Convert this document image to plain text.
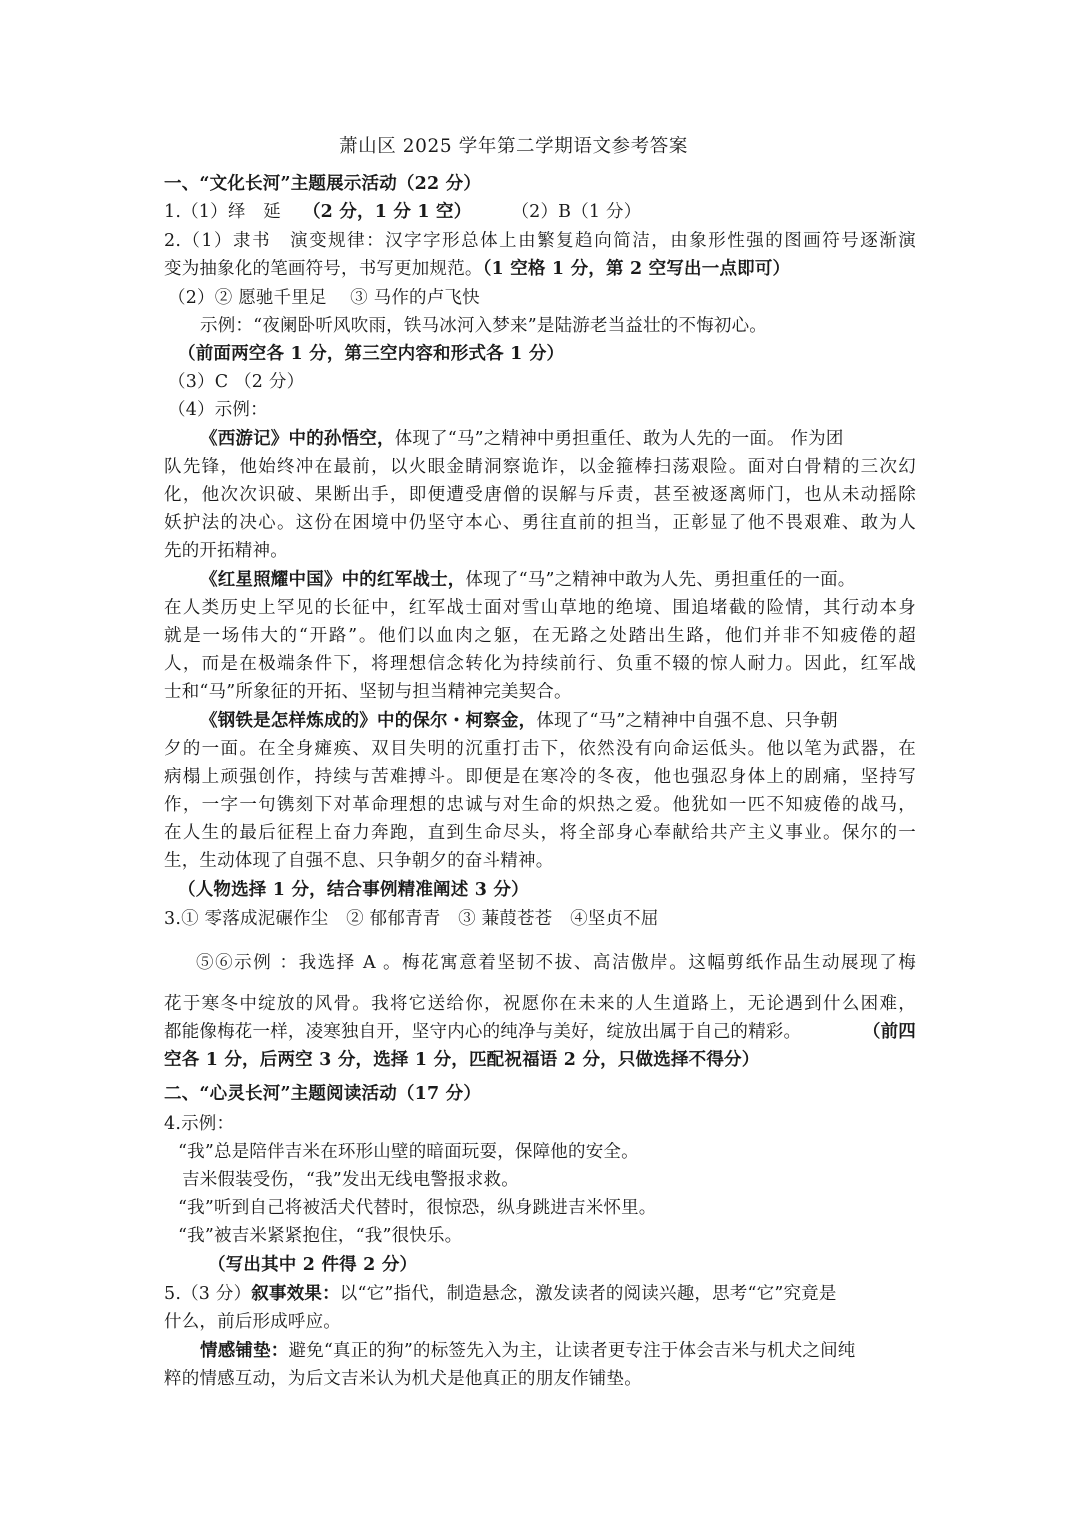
萧山区 2025 学年第二学期语文参考答案
一、“文化长河”主题展示活动（22 分）
1.（1）绎　延 （2 分，1 分 1 空） （2）B（1 分）
2.（1）隶书　演变规律：汉字字形总体上由繁复趋向简洁，由象形性强的图画符号逐渐演
变为抽象化的笔画符号，书写更加规范。（1 空格 1 分，第 2 空写出一点即可）
（2）② 愿驰千里足　 ③ 马作的卢飞快
示例：“夜阑卧听风吹雨，铁马冰河入梦来”是陆游老当益壮的不悔初心。
（前面两空各 1 分，第三空内容和形式各 1 分）
（3）C （2 分）
（4）示例：
《西游记》中的孙悟空，体现了“马”之精神中勇担重任、敢为人先的一面。 作为团
队先锋，他始终冲在最前，以火眼金睛洞察诡诈，以金箍棒扫荡艰险。面对白骨精的三次幻
化，他次次识破、果断出手，即便遭受唐僧的误解与斥责，甚至被逐离师门，也从未动摇除
妖护法的决心。这份在困境中仍坚守本心、勇往直前的担当，正彰显了他不畏艰难、敢为人
先的开拓精神。
《红星照耀中国》中的红军战士，体现了“马”之精神中敢为人先、勇担重任的一面。
在人类历史上罕见的长征中，红军战士面对雪山草地的绝境、围追堵截的险情，其行动本身
就是一场伟大的“开路”。他们以血肉之躯，在无路之处踏出生路，他们并非不知疲倦的超
人，而是在极端条件下，将理想信念转化为持续前行、负重不辍的惊人耐力。因此，红军战
士和“马”所象征的开拓、坚韧与担当精神完美契合。
《钢铁是怎样炼成的》中的保尔・柯察金，体现了“马”之精神中自强不息、只争朝
夕的一面。在全身瘫痪、双目失明的沉重打击下，依然没有向命运低头。他以笔为武器，在
病榻上顽强创作，持续与苦难搏斗。即便是在寒冷的冬夜，他也强忍身体上的剧痛，坚持写
作，一字一句镌刻下对革命理想的忠诚与对生命的炽热之爱。他犹如一匹不知疲倦的战马，
在人生的最后征程上奋力奔跑，直到生命尽头，将全部身心奉献给共产主义事业。保尔的一
生，生动体现了自强不息、只争朝夕的奋斗精神。
（人物选择 1 分，结合事例精准阐述 3 分）
3.① 零落成泥碾作尘　② 郁郁青青　③ 蒹葭苍苍　④坚贞不屈
⑤⑥示例 ：我选择 A 。梅花寓意着坚韧不拔、高洁傲岸。这幅剪纸作品生动展现了梅
花于寒冬中绽放的风骨。我将它送给你，祝愿你在未来的人生道路上，无论遇到什么困难，
都能像梅花一样，凌寒独自开，坚守内心的纯净与美好，绽放出属于自己的精彩。	（前四
空各 1 分，后两空 3 分，选择 1 分，匹配祝福语 2 分，只做选择不得分）
二、“心灵长河”主题阅读活动（17 分）
4.示例：
“我”总是陪伴吉米在环形山壁的暗面玩耍，保障他的安全。
吉米假装受伤，“我”发出无线电警报求救。
“我”听到自己将被活犬代替时，很惊恐，纵身跳进吉米怀里。
“我”被吉米紧紧抱住，“我”很快乐。
（写出其中 2 件得 2 分）
5.（3 分）叙事效果：以“它”指代，制造悬念，激发读者的阅读兴趣，思考“它”究竟是
什么，前后形成呼应。
情感铺垫：避免“真正的狗”的标签先入为主，让读者更专注于体会吉米与机犬之间纯
粹的情感互动，为后文吉米认为机犬是他真正的朋友作铺垫。
